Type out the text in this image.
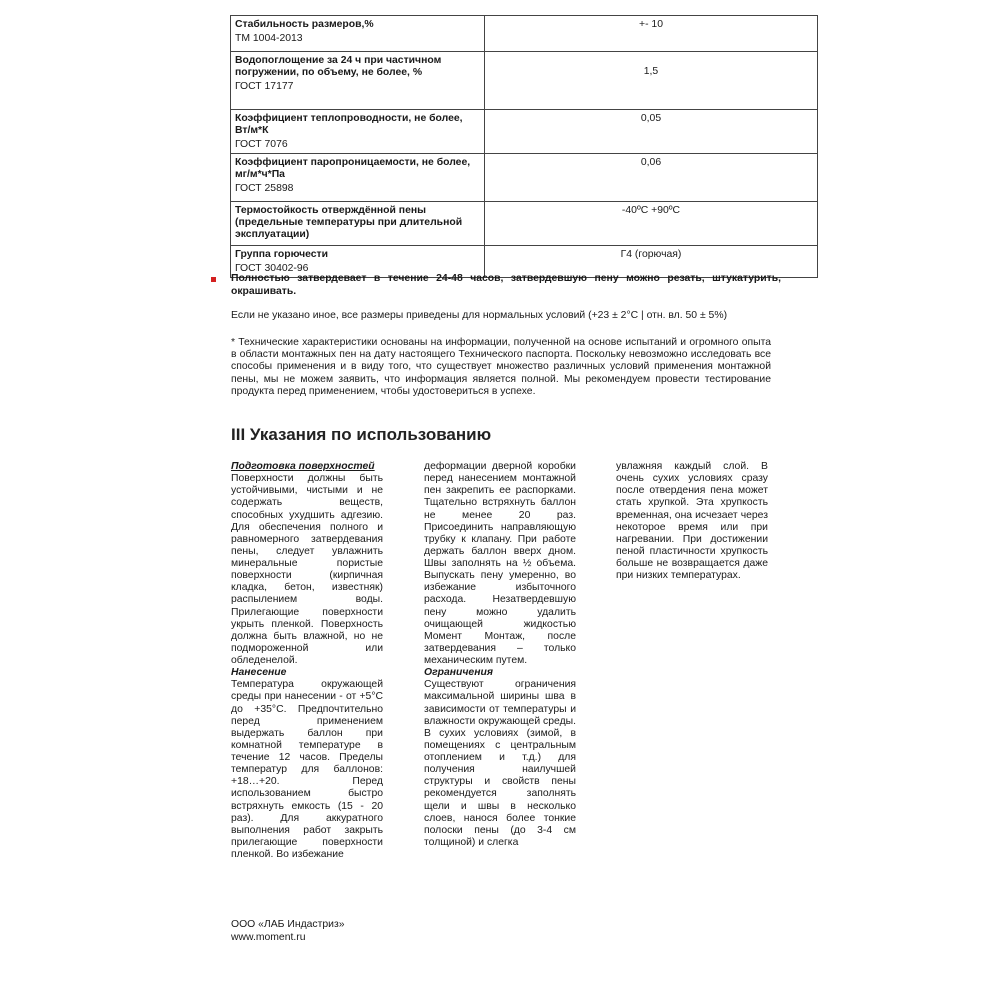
Стабильность размеров,%
ТМ 1004-2013	+- 10

Водопоглощение за 24 ч при частичном
погружении, по объему, не более, %
ГОСТ 17177	1,5

Коэффициент теплопроводности, не более,
Вт/м*К
ГОСТ 7076	0,05

Коэффициент паропроницаемости, не более,
мг/м*ч*Па
ГОСТ 25898	0,06

Термостойкость отверждённой пены
(предельные температуры при длительной
эксплуатации)	-40ºС +90ºС

Группа горючести
ГОСТ 30402-96	Г4 (горючая)
Полностью затвердевает в течение 24-48 часов, затвердевшую пену можно резать, штукатурить, окрашивать.
Если не указано иное, все размеры приведены для нормальных условий (+23 ± 2°C | отн. вл. 50 ± 5%)
* Технические характеристики основаны на информации, полученной на основе испытаний и огромного опыта в области монтажных пен на дату настоящего Технического паспорта. Поскольку невозможно исследовать все способы применения и в виду того, что существует множество различных условий применения монтажной пены, мы не можем заявить, что информация является полной. Мы рекомендуем провести тестирование продукта перед применением, чтобы удостовериться в успехе.
III Указания по использованию
Подготовка поверхностей
Поверхности должны быть устойчивыми, чистыми и не содержать веществ, способных ухудшить адгезию. Для обеспечения полного и равномерного затвердевания пены, следует увлажнить минеральные пористые поверхности (кирпичная кладка, бетон, известняк) распылением воды. Прилегающие поверхности укрыть пленкой. Поверхность должна быть влажной, но не подмороженной или обледенелой.
Нанесение
Температура окружающей среды при нанесении - от +5°С до +35°С. Предпочтительно перед применением выдержать баллон при комнатной температуре в течение 12 часов. Пределы температур для баллонов: +18…+20. Перед использованием быстро встряхнуть емкость (15 - 20 раз). Для аккуратного выполнения работ закрыть прилегающие поверхности пленкой. Во избежание
деформации дверной коробки перед нанесением монтажной пен закрепить ее распорками. Тщательно встряхнуть баллон не менее 20 раз. Присоединить направляющую трубку к клапану. При работе держать баллон вверх дном. Швы заполнять на ½ объема. Выпускать пену умеренно, во избежание избыточного расхода. Незатвердевшую пену можно удалить очищающей жидкостью Момент Монтаж, после затвердевания – только механическим путем.
Ограничения
Существуют ограничения максимальной ширины шва в зависимости от температуры и влажности окружающей среды. В сухих условиях (зимой, в помещениях с центральным отоплением и т.д.) для получения наилучшей структуры и свойств пены рекомендуется заполнять щели и швы в несколько слоев, нанося более тонкие полоски пены (до 3-4 см толщиной) и слегка
увлажняя каждый слой. В очень сухих условиях сразу после отвердения пена может стать хрупкой. Эта хрупкость временная, она исчезает через некоторое время или при нагревании. При достижении пеной пластичности хрупкость больше не возвращается даже при низких температурах.
ООО «ЛАБ Индастриз»
www.moment.ru
